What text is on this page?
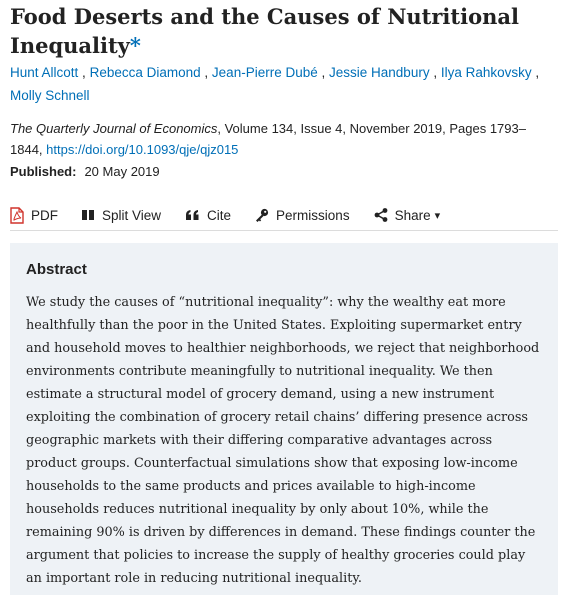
Food Deserts and the Causes of Nutritional Inequality*
Hunt Allcott , Rebecca Diamond , Jean-Pierre Dubé , Jessie Handbury , Ilya Rahkovsky , Molly Schnell
The Quarterly Journal of Economics, Volume 134, Issue 4, November 2019, Pages 1793–1844, https://doi.org/10.1093/qje/qjz015
Published: 20 May 2019
PDF	Split View	Cite	Permissions	Share ▾
Abstract

We study the causes of “nutritional inequality”: why the wealthy eat more healthfully than the poor in the United States. Exploiting supermarket entry and household moves to healthier neighborhoods, we reject that neighborhood environments contribute meaningfully to nutritional inequality. We then estimate a structural model of grocery demand, using a new instrument exploiting the combination of grocery retail chains’ differing presence across geographic markets with their differing comparative advantages across product groups. Counterfactual simulations show that exposing low-income households to the same products and prices available to high-income households reduces nutritional inequality by only about 10%, while the remaining 90% is driven by differences in demand. These findings counter the argument that policies to increase the supply of healthy groceries could play an important role in reducing nutritional inequality.
